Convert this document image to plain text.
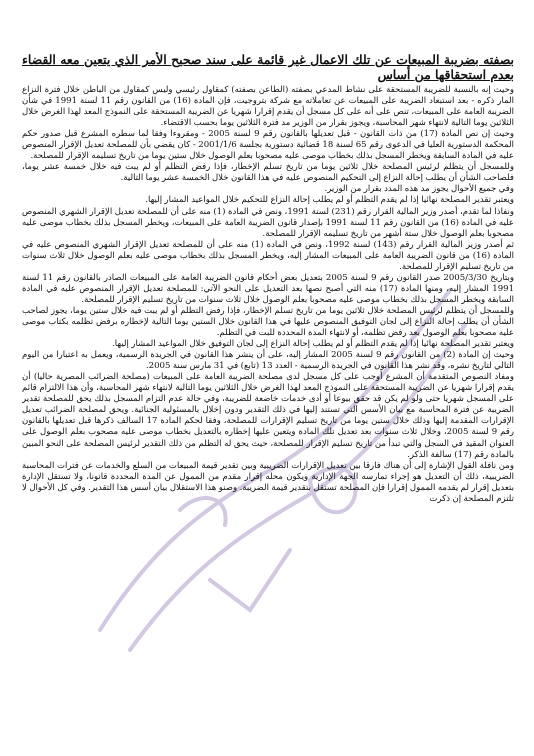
بصفته بضريبة المبيعات عن تلك الاعمال غير قائمة على سند صحيح الأمر الذي يتعين معه القضاء بعدم استحقاقها من أساس

وحيث إنه بالنسبة للضريبة المستحقة على نشاط المدعي بصفته (الطاعن بصفته) كمقاول رئيسي وليس كمقاول من الباطن خلال فترة النزاع المار ذكره - بعد استبعاد الضريبة على المبيعات عن تعاملاته مع شركة بتروجيت، فإن المادة (16) من القانون رقم 11 لسنة 1991 في شأن الضريبة العامة على المبيعات، تنص على أنه على كل مسجل أن يقدم إقرارا شهريا عن الضريبة المستحقة على النموذج المعد لهذا الغرض خلال الثلاثين يوما التالية لانتهاء شهر المحاسبة، ويجوز بقرار من الوزير مد فترة الثلاثين يوما بحسب الاقتضاء.

وحيث إن نص المادة (17) من ذات القانون - قبل تعديلها بالقانون رقم 9 لسنة 2005 - ومقروءا وفقا لما سطره المشرع قبل صدور حكم المحكمة الدستورية العليا في الدعوى رقم 65 لسنة 18 قضائية دستورية بجلسة 2001/1/6 - كان يقضي بأن للمصلحة تعديل الإقرار المنصوص عليه في المادة السابقة ويخطر المسجل بذلك بخطاب موصى عليه مصحوبا بعلم الوصول خلال ستين يوما من تاريخ تسليمه الإقرار للمصلحة.

وللمسجل أن يتظلم لرئيس المصلحة خلال ثلاثين يوما من تاريخ تسلم الإخطار، فإذا رفض التظلم أو لم يبت فيه خلال خمسة عشر يوما، فلصاحب الشأن أن يطلب إحالة النزاع إلى التحكيم المنصوص عليه في هذا القانون خلال الخمسة عشر يوما التالية.

وفي جميع الأحوال يجوز مد هذه المدد بقرار من الوزير.

ويعتبر تقدير المصلحة نهائيا إذا لم يقدم التظلم أو لم يطلب إحالة النزاع للتحكيم خلال المواعيد المشار إليها.

ونفاذا لما تقدم، أصدر وزير المالية القرار رقم (231) لسنة 1991، ونص في المادة (1) منه على أن للمصلحة تعديل الإقرار الشهري المنصوص عليه في المادة (16) من القانون رقم 11 لسنة 1991 بإصدار قانون الضريبة العامة على المبيعات، ويخطر المسجل بذلك بخطاب موصى عليه مصحوبا بعلم الوصول خلال ستة أشهر من تاريخ تسليمه الإقرار للمصلحة.

ثم أصدر وزير المالية القرار رقم (143) لسنة 1992، ونص في المادة (1) منه على أن للمصلحة تعديل الإقرار الشهري المنصوص عليه في المادة (16) من قانون الضريبة العامة على المبيعات المشار إليه، ويخطر المسجل بذلك بخطاب موصى عليه بعلم الوصول خلال ثلاث سنوات من تاريخ تسليم الإقرار للمصلحة.

وبتاريخ 2005/3/30 صدر القانون رقم 9 لسنة 2005 بتعديل بعض أحكام قانون الضريبة العامة على المبيعات الصادر بالقانون رقم 11 لسنة 1991 المشار إليه، ومنها المادة (17) منه التي أصبح نصها بعد التعديل على النحو الآتي: للمصلحة تعديل الإقرار المنصوص عليه في المادة السابقة ويخطر المسجل بذلك بخطاب موصى عليه مصحوبا بعلم الوصول خلال ثلاث سنوات من تاريخ تسليم الإقرار للمصلحة.

وللمسجل أن يتظلم لرئيس المصلحة خلال ثلاثين يوما من تاريخ تسلم الإخطار، فإذا رفض التظلم أو لم يبت فيه خلال ستين يوما، يجوز لصاحب الشأن أن يطلب إحالة النزاع إلى لجان التوفيق المنصوص عليها في هذا القانون خلال الستين يوما التالية لإخطاره برفض تظلمه بكتاب موصى عليه مصحوبا بعلم الوصول بعد رفض تظلمه، أو لانتهاء المدة المحددة للبت في التظلم.

ويعتبر تقدير المصلحة نهائيا إذا لم يقدم التظلم أو لم يطلب إحالة النزاع إلى لجان التوفيق خلال المواعيد المشار إليها.

وحيث إن المادة (2) من القانون رقم 9 لسنة 2005 المشار إليه، على أن ينشر هذا القانون في الجريدة الرسمية، ويعمل به اعتبارا من اليوم التالي لتاريخ نشره، وقد نشر هذا القانون في الجريدة الرسمية - العدد 13 (تابع) في 31 مارس سنة 2005.

ومفاد النصوص المتقدمة أن المشرع أوجب على كل مسجل لدى مصلحة الضريبة العامة على المبيعات (مصلحة الضرائب المصرية حاليا) أن يقدم إقرارا شهريا عن الضريبة المستحقة على النموذج المعد لهذا الغرض خلال الثلاثين يوما التالية لانتهاء شهر المحاسبة، وأن هذا الالتزام قائم على المسجل شهريا حتى ولو لم يكن قد حقق بيوعا أو أدى خدمات خاضعة للضريبة، وفي حالة عدم التزام المسجل بذلك يحق للمصلحة تقدير الضريبة عن فترة المحاسبة مع بيان الأسس التي تستند إليها في ذلك التقدير ودون إخلال بالمسئولية الجنائية. ويحق لمصلحة الضرائب تعديل الإقرارات المقدمة إليها وذلك خلال ستين يوما من تاريخ تسليم الإقرارات للمصلحة، وفقا لحكم المادة 17 السالف ذكرها قبل تعديلها بالقانون رقم 9 لسنة 2005، وخلال ثلاث سنوات بعد تعديل تلك المادة ويتعين عليها إخطاره بالتعديل بخطاب موصى عليه مصحوب بعلم الوصول على العنوان المقيد في السجل والتي تبدأ من تاريخ تسليم الإقرار للمصلحة، حيث يحق له التظلم من ذلك التقدير لرئيس المصلحة على النحو المبين بالمادة رقم (17) سالفة الذكر.

ومن نافلة القول الإشارة إلى أن هناك فارقا بين تعديل الإقرارات الضريبية وبين تقدير قيمة المبيعات من السلع والخدمات عن فترات المحاسبة الضريبية، ذلك أن التعديل هو إجراء تمارسه الجهة الإدارية ويكون محله إقرار مقدم من الممول عن المدة المحددة قانونا، ولا تستقل الإدارة بتعديل إقرار لم يقدمه الممول إقرارا فإن المصلحة تستقل بتقدير قيمة الضريبة. وصنو هذا الاستقلال بيان أسس هذا التقدير. وفي كل الأحوال لا تلتزم المصلحة إن ذكرت
